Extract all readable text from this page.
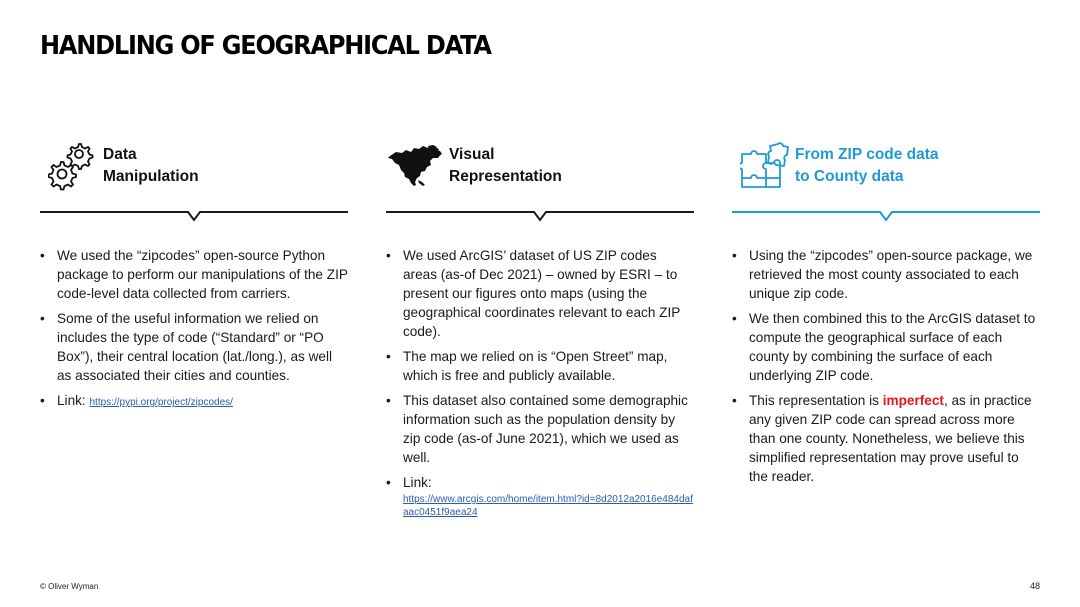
HANDLING OF GEOGRAPHICAL DATA
Data
Manipulation
• We used the “zipcodes” open-source Python package to perform our manipulations of the ZIP code-level data collected from carriers.
• Some of the useful information we relied on includes the type of code (“Standard” or “PO Box”), their central location (lat./long.), as well as associated their cities and counties.
• Link: https://pypi.org/project/zipcodes/
Visual
Representation
• We used ArcGIS’ dataset of US ZIP codes areas (as-of Dec 2021) – owned by ESRI – to present our figures onto maps (using the geographical coordinates relevant to each ZIP code).
• The map we relied on is “Open Street” map, which is free and publicly available.
• This dataset also contained some demographic information such as the population density by zip code (as-of June 2021), which we used as well.
• Link:
https://www.arcgis.com/home/item.html?id=8d2012a2016e484dafaac0451f9aea24
From ZIP code data
to County data
• Using the “zipcodes” open-source package, we retrieved the most county associated to each unique zip code.
• We then combined this to the ArcGIS dataset to compute the geographical surface of each county by combining the surface of each underlying ZIP code.
• This representation is imperfect, as in practice any given ZIP code can spread across more than one county. Nonetheless, we believe this simplified representation may prove useful to the reader.
© Oliver Wyman	48
